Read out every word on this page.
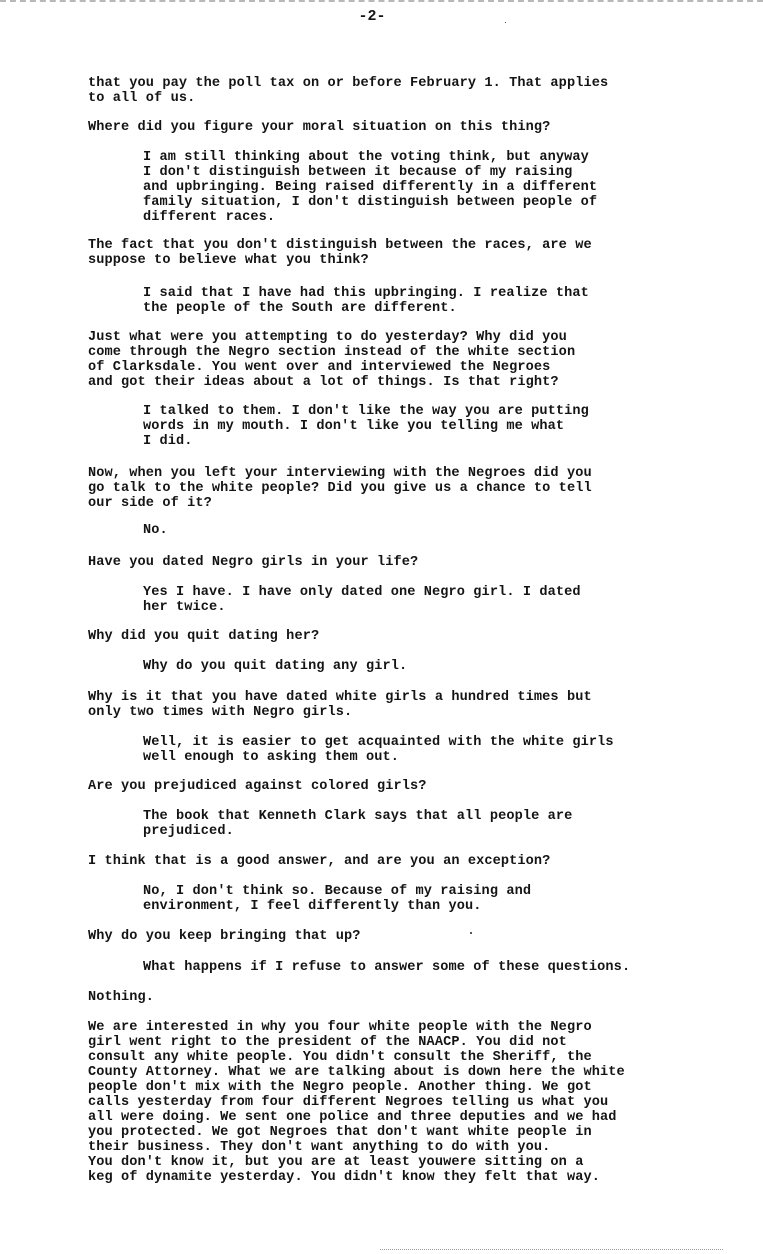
-2-

that you pay the poll tax on or before February 1. That applies
to all of us.

Where did you figure your moral situation on this thing?

I am still thinking about the voting think, but anyway
I don't distinguish between it because of my raising
and upbringing. Being raised differently in a different
family situation, I don't distinguish between people of
different races.

The fact that you don't distinguish between the races, are we
suppose to believe what you think?

I said that I have had this upbringing. I realize that
the people of the South are different.

Just what were you attempting to do yesterday? Why did you
come through the Negro section instead of the white section
of Clarksdale. You went over and interviewed the Negroes
and got their ideas about a lot of things. Is that right?

I talked to them. I don't like the way you are putting
words in my mouth. I don't like you telling me what
I did.

Now, when you left your interviewing with the Negroes did you
go talk to the white people? Did you give us a chance to tell
our side of it?

No.

Have you dated Negro girls in your life?

Yes I have. I have only dated one Negro girl. I dated
her twice.

Why did you quit dating her?

Why do you quit dating any girl.

Why is it that you have dated white girls a hundred times but
only two times with Negro girls.

Well, it is easier to get acquainted with the white girls
well enough to asking them out.

Are you prejudiced against colored girls?

The book that Kenneth Clark says that all people are
prejudiced.

I think that is a good answer, and are you an exception?

No, I don't think so. Because of my raising and
environment, I feel differently than you.

Why do you keep bringing that up?

What happens if I refuse to answer some of these questions.

Nothing.

We are interested in why you four white people with the Negro
girl went right to the president of the NAACP. You did not
consult any white people. You didn't consult the Sheriff, the
County Attorney. What we are talking about is down here the white
people don't mix with the Negro people. Another thing. We got
calls yesterday from four different Negroes telling us what you
all were doing. We sent one police and three deputies and we had
you protected. We got Negroes that don't want white people in
their business. They don't want anything to do with you.
You don't know it, but you are at least youwere sitting on a
keg of dynamite yesterday. You didn't know they felt that way.
